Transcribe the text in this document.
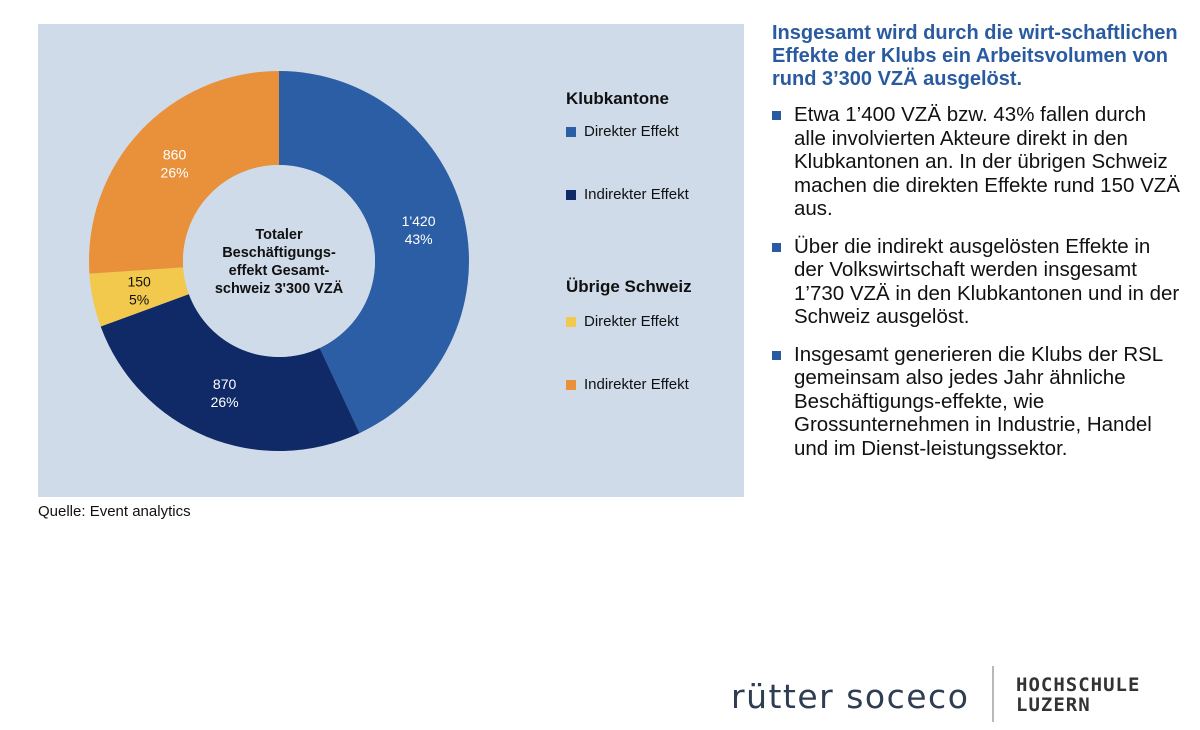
1'420
43%
870
26%
150
5%
860
26%
Totaler
Beschäftigungs-
effekt Gesamt-
schweiz 3'300 VZÄ
Klubkantone
Direkter Effekt
Indirekter Effekt
Übrige Schweiz
Direkter Effekt
Indirekter Effekt
Quelle: Event analytics
Insgesamt wird durch die wirt-schaftlichen Effekte der Klubs ein Arbeitsvolumen von rund 3’300 VZÄ ausgelöst.
Etwa 1’400 VZÄ bzw. 43% fallen durch alle involvierten Akteure direkt in den Klubkantonen an. In der übrigen Schweiz machen die direkten Effekte rund 150 VZÄ aus.
Über die indirekt ausgelösten Effekte in der Volkswirtschaft werden insgesamt 1’730 VZÄ in den Klubkantonen und in der Schweiz ausgelöst.
Insgesamt generieren die Klubs der RSL gemeinsam also jedes Jahr ähnliche Beschäftigungs-effekte, wie Grossunternehmen in Industrie, Handel und im Dienst-leistungssektor.
rütter soceco HOCHSCHULE
LUZERN
